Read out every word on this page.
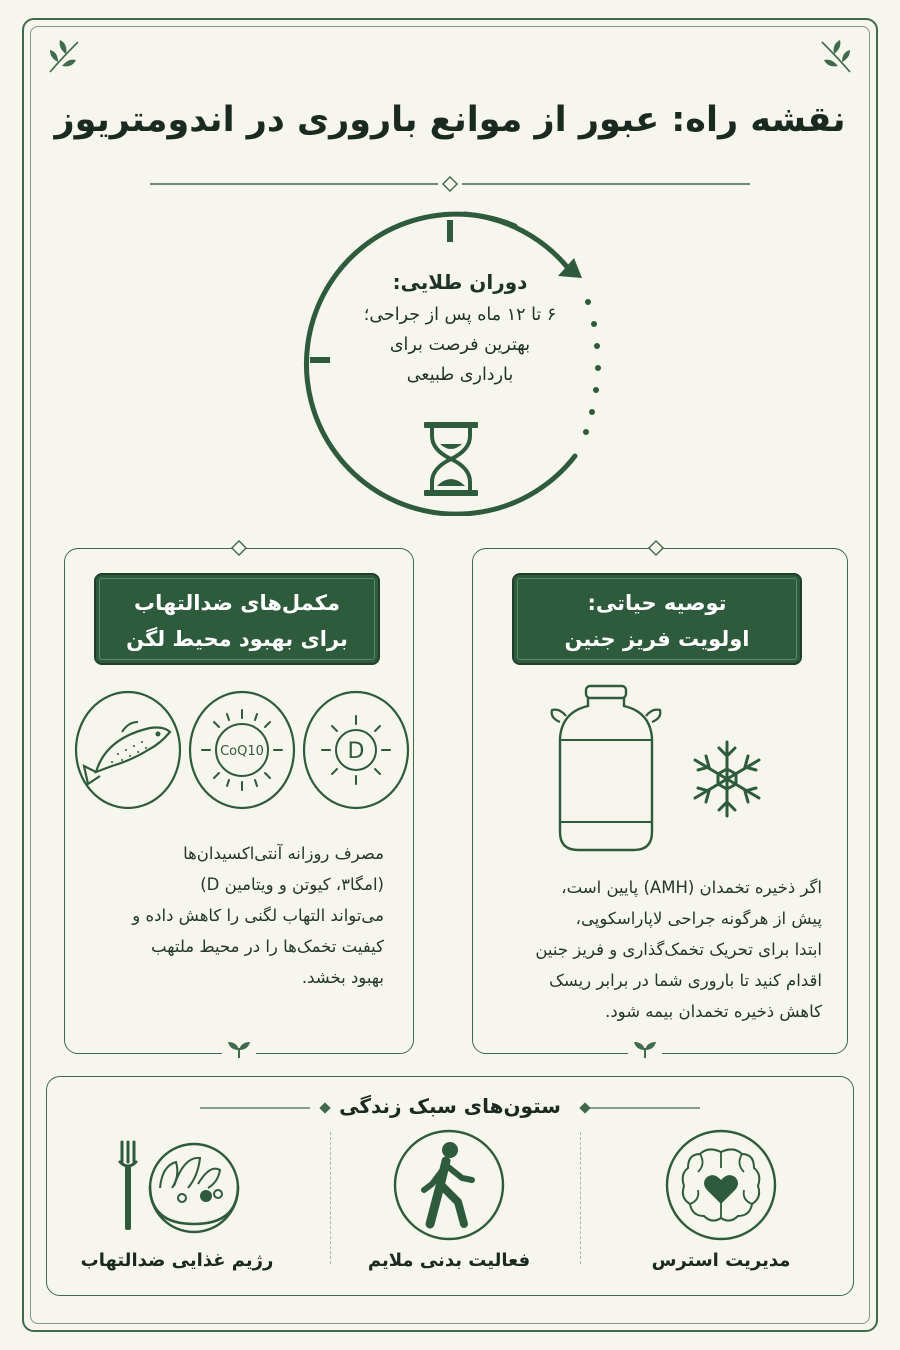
نقشه راه: عبور از موانع باروری در اندومتریوز
دوران طلایی:
۶ تا ۱۲ ماه پس از جراحی؛
بهترین فرصت برای
بارداری طبیعی
مکمل‌های ضدالتهاب
برای بهبود محیط لگن
CoQ10	D
مصرف روزانه آنتی‌اکسیدان‌ها
(امگا۳، کیوتن و ویتامین D)
می‌تواند التهاب لگنی را کاهش داده و
کیفیت تخمک‌ها را در محیط ملتهب
بهبود بخشد.
توصیه حیاتی:
اولویت فریز جنین
اگر ذخیره تخمدان (AMH) پایین است،
پیش از هرگونه جراحی لاپاراسکوپی،
ابتدا برای تحریک تخمک‌گذاری و فریز جنین
اقدام کنید تا باروری شما در برابر ریسک
کاهش ذخیره تخمدان بیمه شود.
ستون‌های سبک زندگی
مدیریت استرس
فعالیت بدنی ملایم
رژیم غذایی ضدالتهاب
